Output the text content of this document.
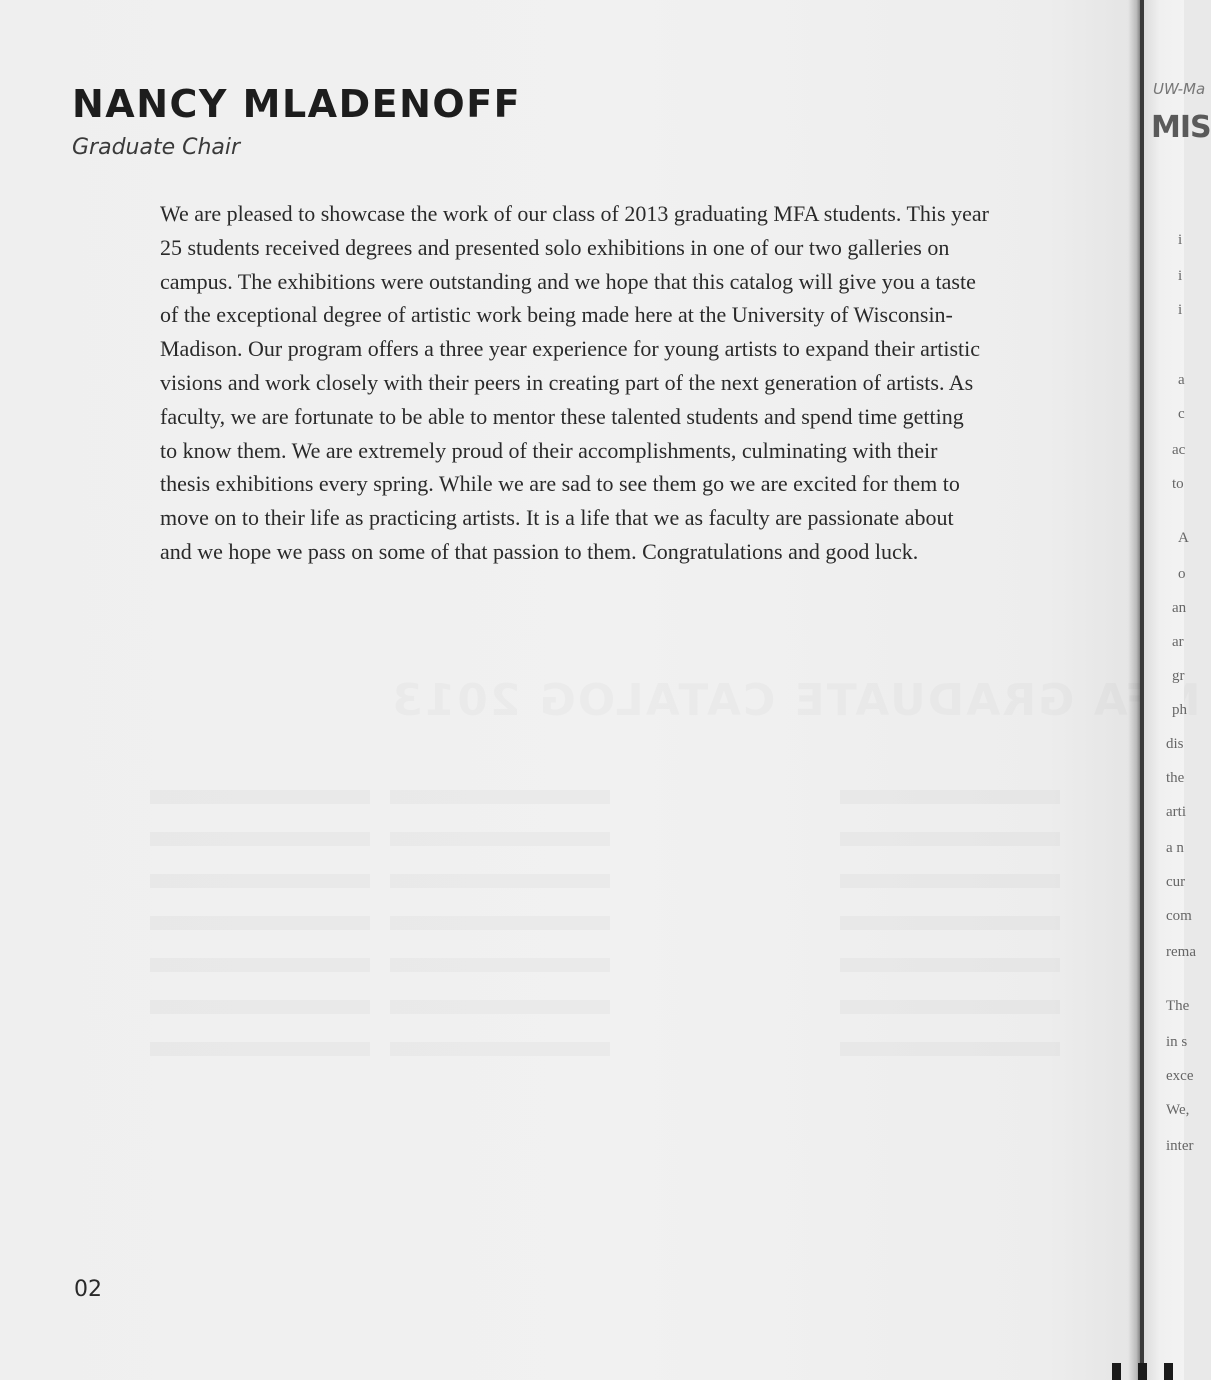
NANCY MLADENOFF
Graduate Chair
We are pleased to showcase the work of our class of 2013 graduating MFA students. This year
25 students received degrees and presented solo exhibitions in one of our two galleries on
campus. The exhibitions were outstanding and we hope that this catalog will give you a taste
of the exceptional degree of artistic work being made here at the University of Wisconsin-
Madison. Our program offers a three year experience for young artists to expand their artistic
visions and work closely with their peers in creating part of the next generation of artists. As
faculty, we are fortunate to be able to mentor these talented students and spend time getting
to know them. We are extremely proud of their accomplishments, culminating with their
thesis exhibitions every spring. While we are sad to see them go we are excited for them to
move on to their life as practicing artists. It is a life that we as faculty are passionate about
and we hope we pass on some of that passion to them. Congratulations and good luck.
02
UW-Ma
MIS
i
i
i
a
c
ac
to
A
o
an
ar
gr
ph
dis
the
arti
a n
cur
com
rema
The
in s
exce
We,
inter
